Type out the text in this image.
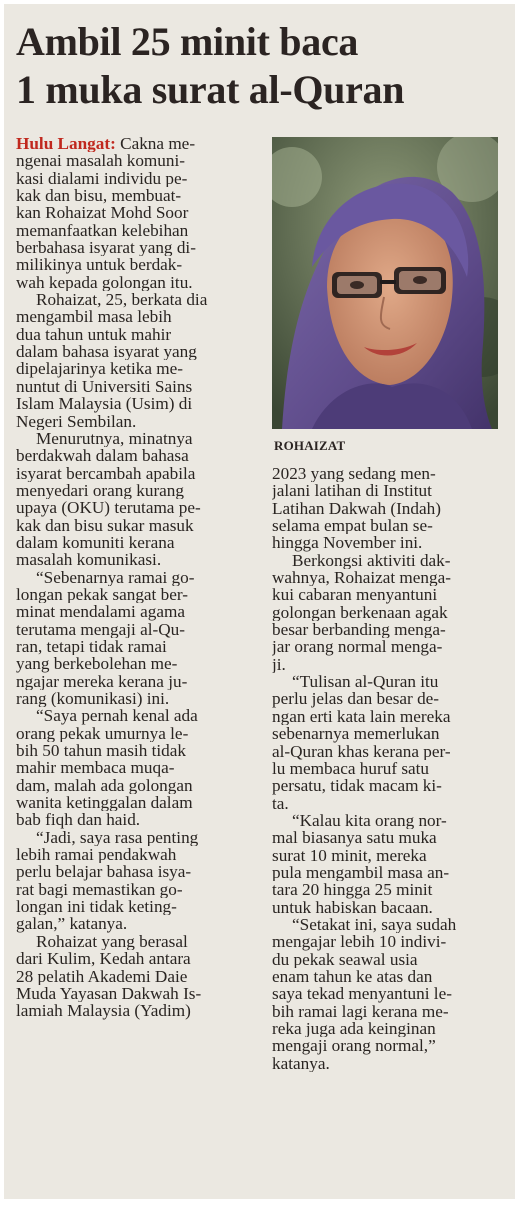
Ambil 25 minit baca
1 muka surat al-Quran
ROHAIZAT
Hulu Langat: Cakna me-
ngenai masalah komuni-
kasi dialami individu pe-
kak dan bisu, membuat-
kan Rohaizat Mohd Soor
memanfaatkan kelebihan
berbahasa isyarat yang di-
milikinya untuk berdak-
wah kepada golongan itu.
Rohaizat, 25, berkata dia
mengambil masa lebih
dua tahun untuk mahir
dalam bahasa isyarat yang
dipelajarinya ketika me-
nuntut di Universiti Sains
Islam Malaysia (Usim) di
Negeri Sembilan.
Menurutnya, minatnya
berdakwah dalam bahasa
isyarat bercambah apabila
menyedari orang kurang
upaya (OKU) terutama pe-
kak dan bisu sukar masuk
dalam komuniti kerana
masalah komunikasi.
“Sebenarnya ramai go-
longan pekak sangat ber-
minat mendalami agama
terutama mengaji al-Qu-
ran, tetapi tidak ramai
yang berkebolehan me-
ngajar mereka kerana ju-
rang (komunikasi) ini.
“Saya pernah kenal ada
orang pekak umurnya le-
bih 50 tahun masih tidak
mahir membaca muqa-
dam, malah ada golongan
wanita ketinggalan dalam
bab fiqh dan haid.
“Jadi, saya rasa penting
lebih ramai pendakwah
perlu belajar bahasa isya-
rat bagi memastikan go-
longan ini tidak keting-
galan,” katanya.
Rohaizat yang berasal
dari Kulim, Kedah antara
28 pelatih Akademi Daie
Muda Yayasan Dakwah Is-
lamiah Malaysia (Yadim)
2023 yang sedang men-
jalani latihan di Institut
Latihan Dakwah (Indah)
selama empat bulan se-
hingga November ini.
Berkongsi aktiviti dak-
wahnya, Rohaizat menga-
kui cabaran menyantuni
golongan berkenaan agak
besar berbanding menga-
jar orang normal menga-
ji.
“Tulisan al-Quran itu
perlu jelas dan besar de-
ngan erti kata lain mereka
sebenarnya memerlukan
al-Quran khas kerana per-
lu membaca huruf satu
persatu, tidak macam ki-
ta.
“Kalau kita orang nor-
mal biasanya satu muka
surat 10 minit, mereka
pula mengambil masa an-
tara 20 hingga 25 minit
untuk habiskan bacaan.
“Setakat ini, saya sudah
mengajar lebih 10 indivi-
du pekak seawal usia
enam tahun ke atas dan
saya tekad menyantuni le-
bih ramai lagi kerana me-
reka juga ada keinginan
mengaji orang normal,”
katanya.
